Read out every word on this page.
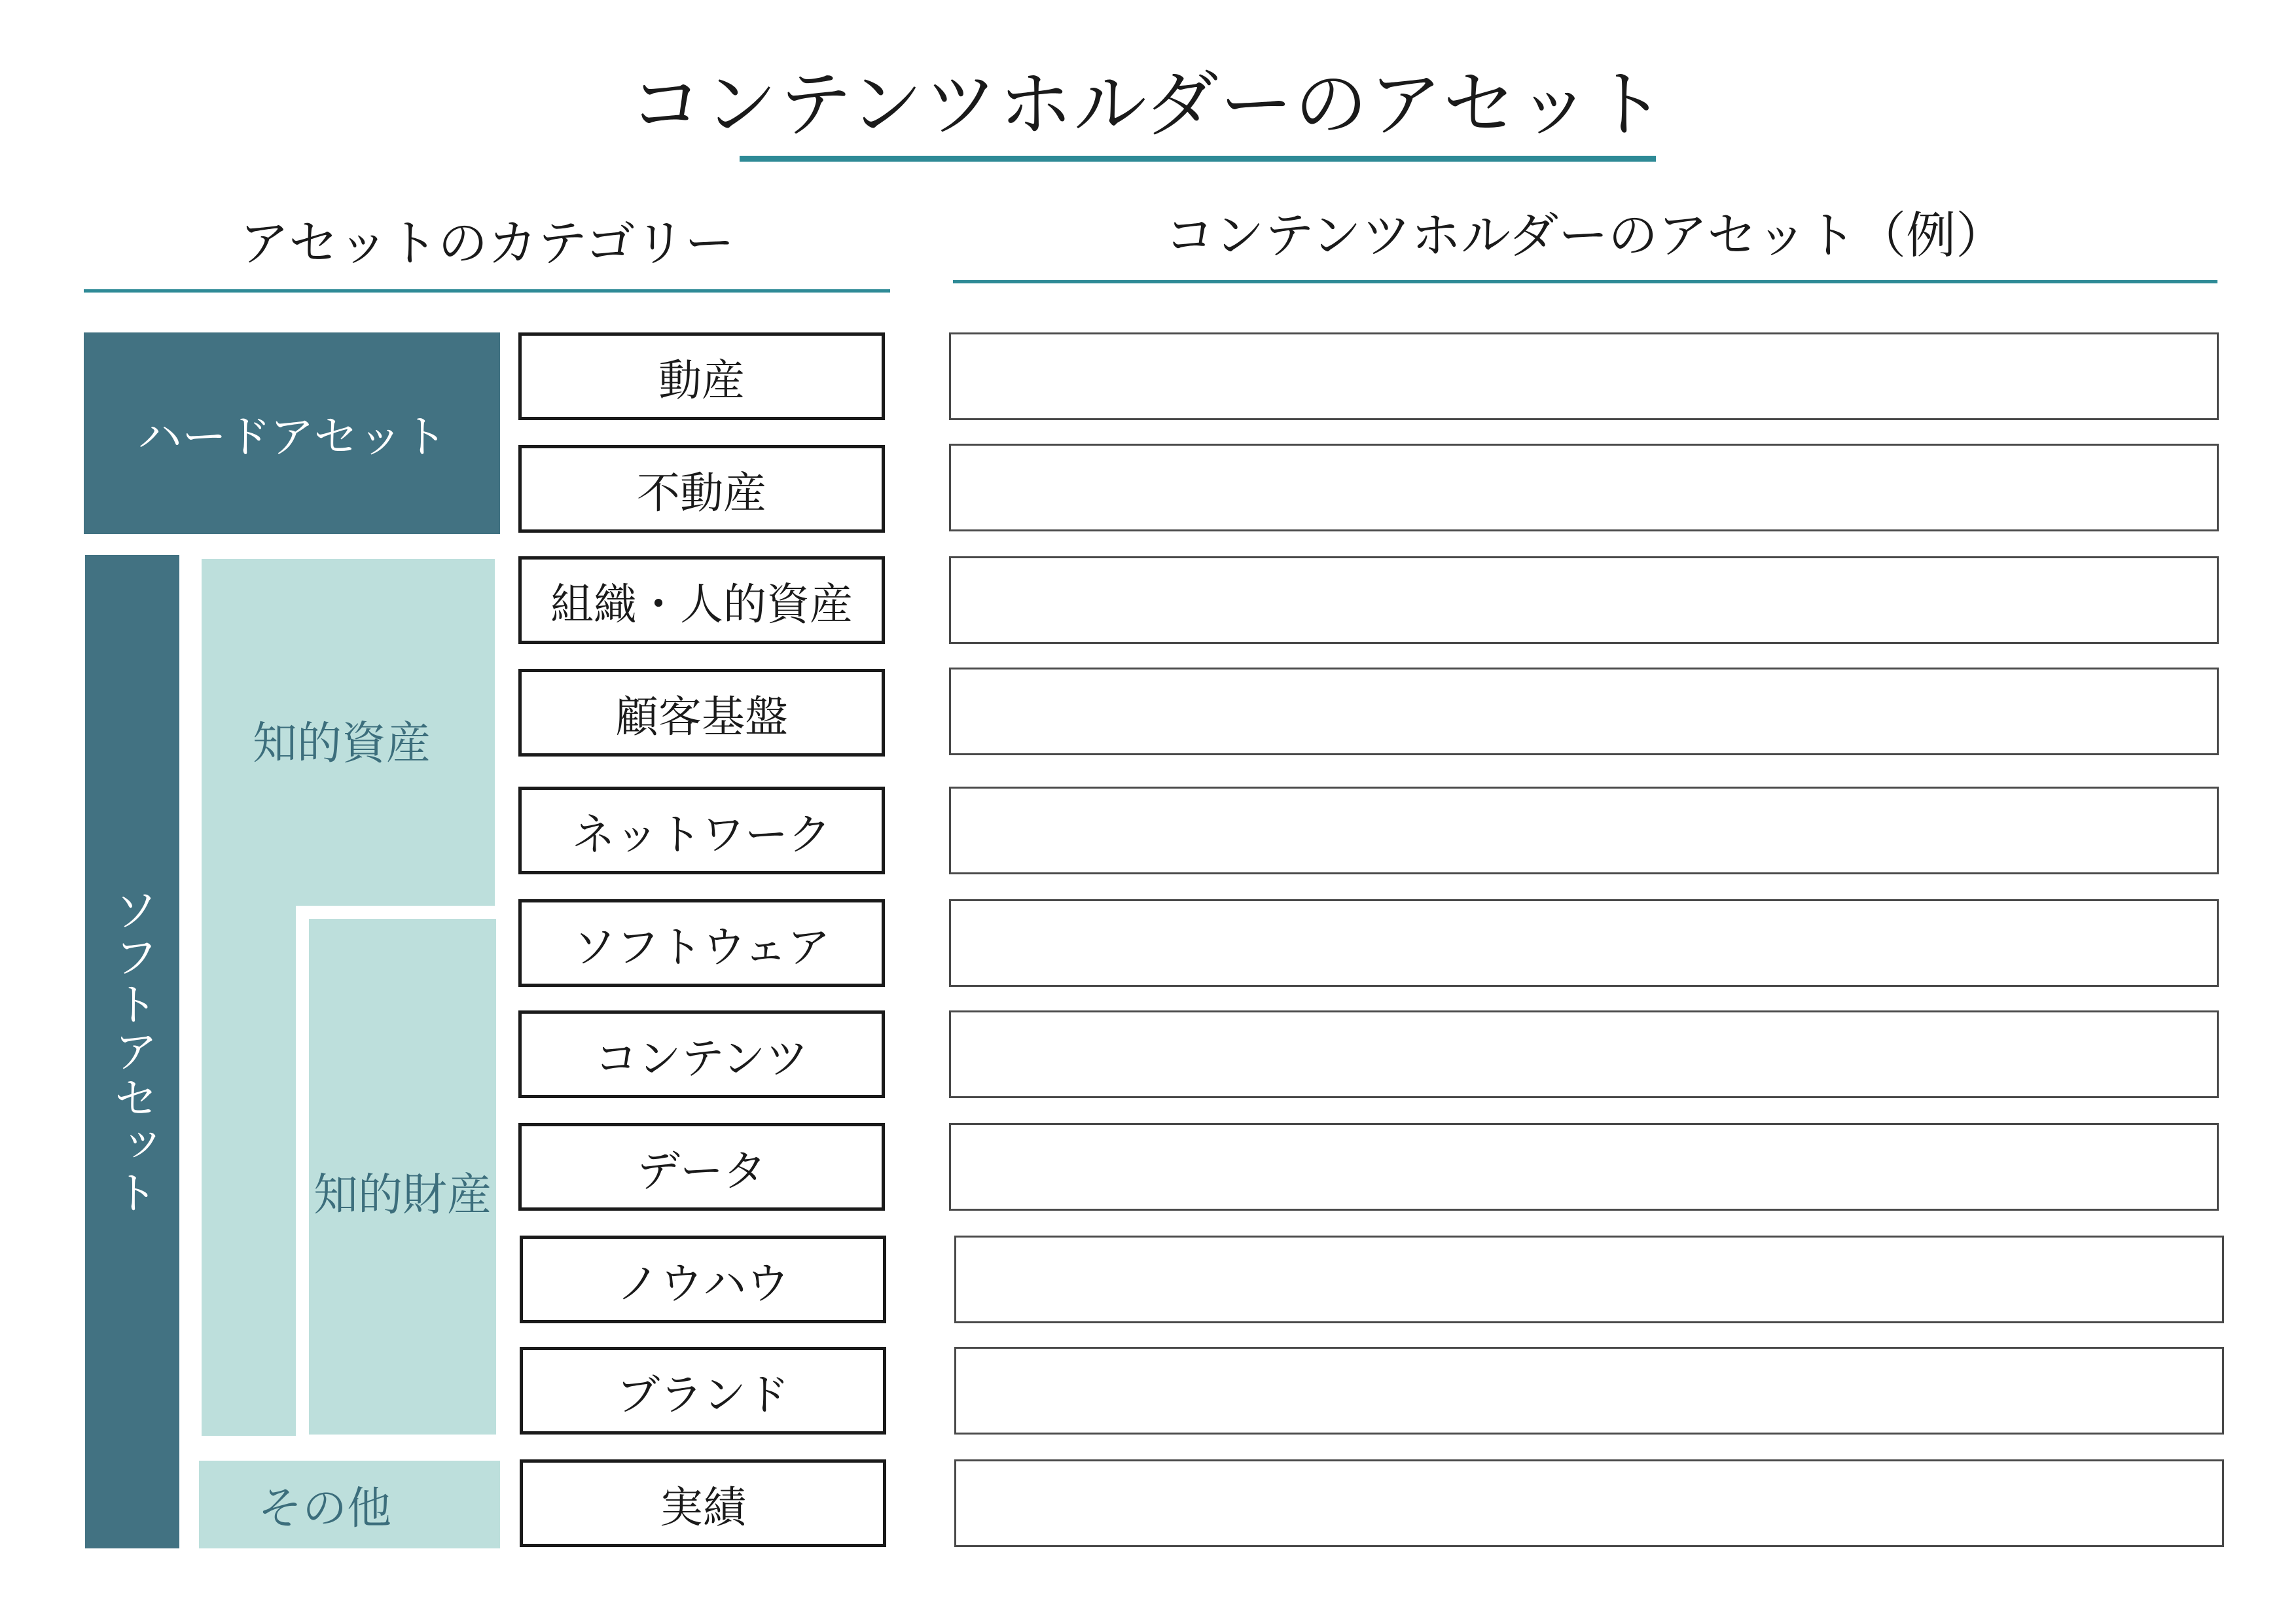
コンテンツホルダーのアセット
アセットのカテゴリー	コンテンツホルダーのアセット（例）
ハードアセット
ソフトアセット
知的資産
知的財産
その他
動産
不動産
組織・人的資産
顧客基盤
ネットワーク
ソフトウェア
コンテンツ
データ
ノウハウ
ブランド
実績
